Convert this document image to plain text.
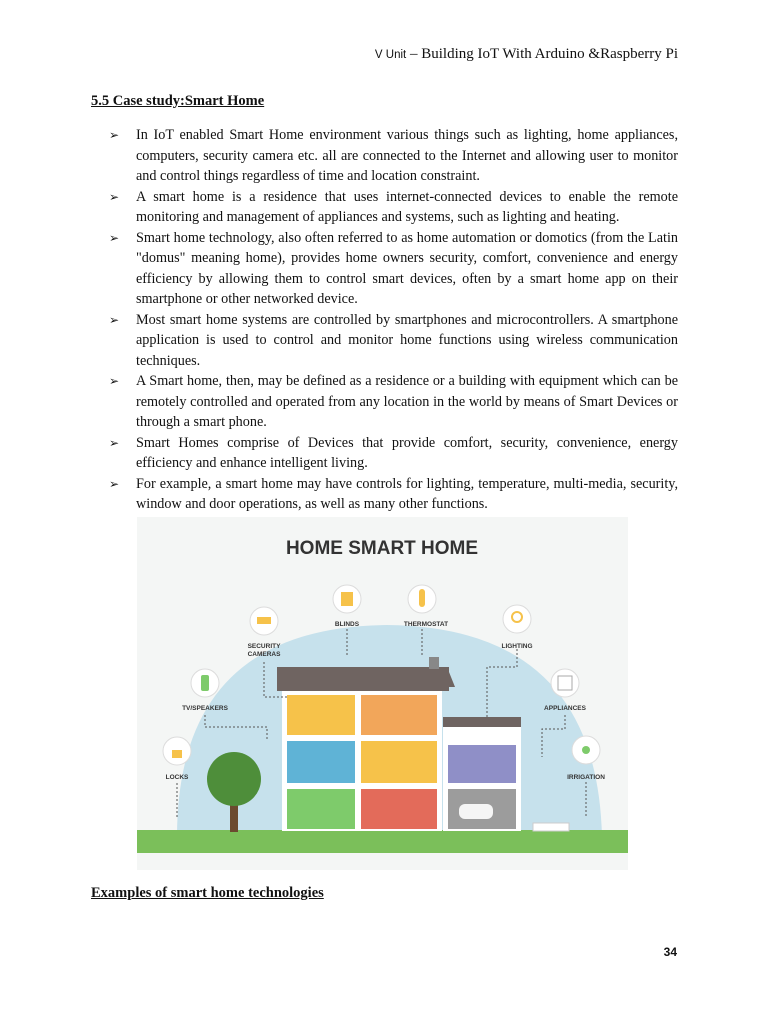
V Unit – Building IoT With Arduino &Raspberry Pi
5.5 Case study:Smart Home
➢ In IoT enabled Smart Home environment various things such as lighting, home appliances, computers, security camera etc. all are connected to the Internet and allowing user to monitor and control things regardless of time and location constraint.
➢ A smart home is a residence that uses internet-connected devices to enable the remote monitoring and management of appliances and systems, such as lighting and heating.
➢ Smart home technology, also often referred to as home automation or domotics (from the Latin "domus" meaning home), provides home owners security, comfort, convenience and energy efficiency by allowing them to control smart devices, often by a smart home app on their smartphone or other networked device.
➢ Most smart home systems are controlled by smartphones and microcontrollers. A smartphone application is used to control and monitor home functions using wireless communication techniques.
➢ A Smart home, then, may be defined as a residence or a building with equipment which can be remotely controlled and operated from any location in the world by means of Smart Devices or through a smart phone.
➢ Smart Homes comprise of Devices that provide comfort, security, convenience, energy efficiency and enhance intelligent living.
➢ For example, a smart home may have controls for lighting, temperature, multi-media, security, window and door operations, as well as many other functions.
HOME SMART HOME
BLINDS	THERMOSTAT
LIGHTING
SECURITY
CAMERAS
TV/SPEAKERS	APPLIANCES
LOCKS	IRRIGATION
Examples of smart home technologies
34
